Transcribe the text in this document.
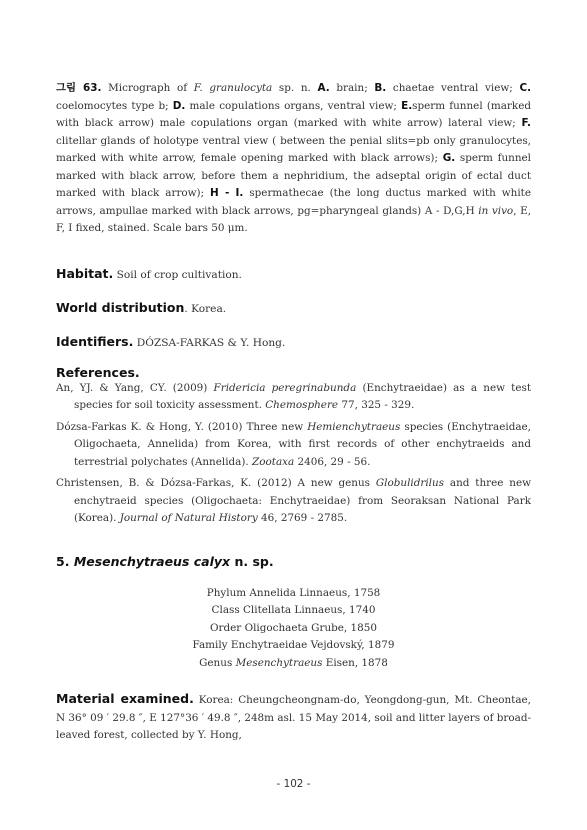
그림 63. Micrograph of F. granulocyta sp. n. A. brain; B. chaetae ventral view; C. coelomocytes type b; D. male copulations organs, ventral view; E.sperm funnel (marked with black arrow) male copulations organ (marked with white arrow) lateral view; F. clitellar glands of holotype ventral view ( between the penial slits=pb only granulocytes, marked with white arrow, female opening marked with black arrows); G. sperm funnel marked with black arrow, before them a nephridium, the adseptal origin of ectal duct marked with black arrow); H - I. spermathecae (the long ductus marked with white arrows, ampullae marked with black arrows, pg=pharyngeal glands) A - D,G,H in vivo, E, F, I fixed, stained. Scale bars 50 μm.

Habitat. Soil of crop cultivation.

World distribution. Korea.

Identifiers. DÓZSA-FARKAS & Y. Hong.

References.

An, YJ. & Yang, CY. (2009) Fridericia peregrinabunda (Enchytraeidae) as a new test species for soil toxicity assessment. Chemosphere 77, 325 - 329.

Dózsa-Farkas K. & Hong, Y. (2010) Three new Hemienchytraeus species (Enchytraeidae, Oligochaeta, Annelida) from Korea, with first records of other enchytraeids and terrestrial polychates (Annelida). Zootaxa 2406, 29 - 56.

Christensen, B. & Dózsa-Farkas, K. (2012) A new genus Globulidrilus and three new enchytraeid species (Oligochaeta: Enchytraeidae) from Seoraksan National Park (Korea). Journal of Natural History 46, 2769 - 2785.

5. Mesenchytraeus calyx n. sp.

Phylum Annelida Linnaeus, 1758

Class Clitellata Linnaeus, 1740

Order Oligochaeta Grube, 1850

Family Enchytraeidae Vejdovský, 1879

Genus Mesenchytraeus Eisen, 1878

Material examined. Korea: Cheungcheongnam-do, Yeongdong-gun, Mt. Cheontae, N 36° 09 ′ 29.8 ″, E 127°36 ′ 49.8 ″, 248m asl. 15 May 2014, soil and litter layers of broad-leaved forest, collected by Y. Hong,

- 102 -
